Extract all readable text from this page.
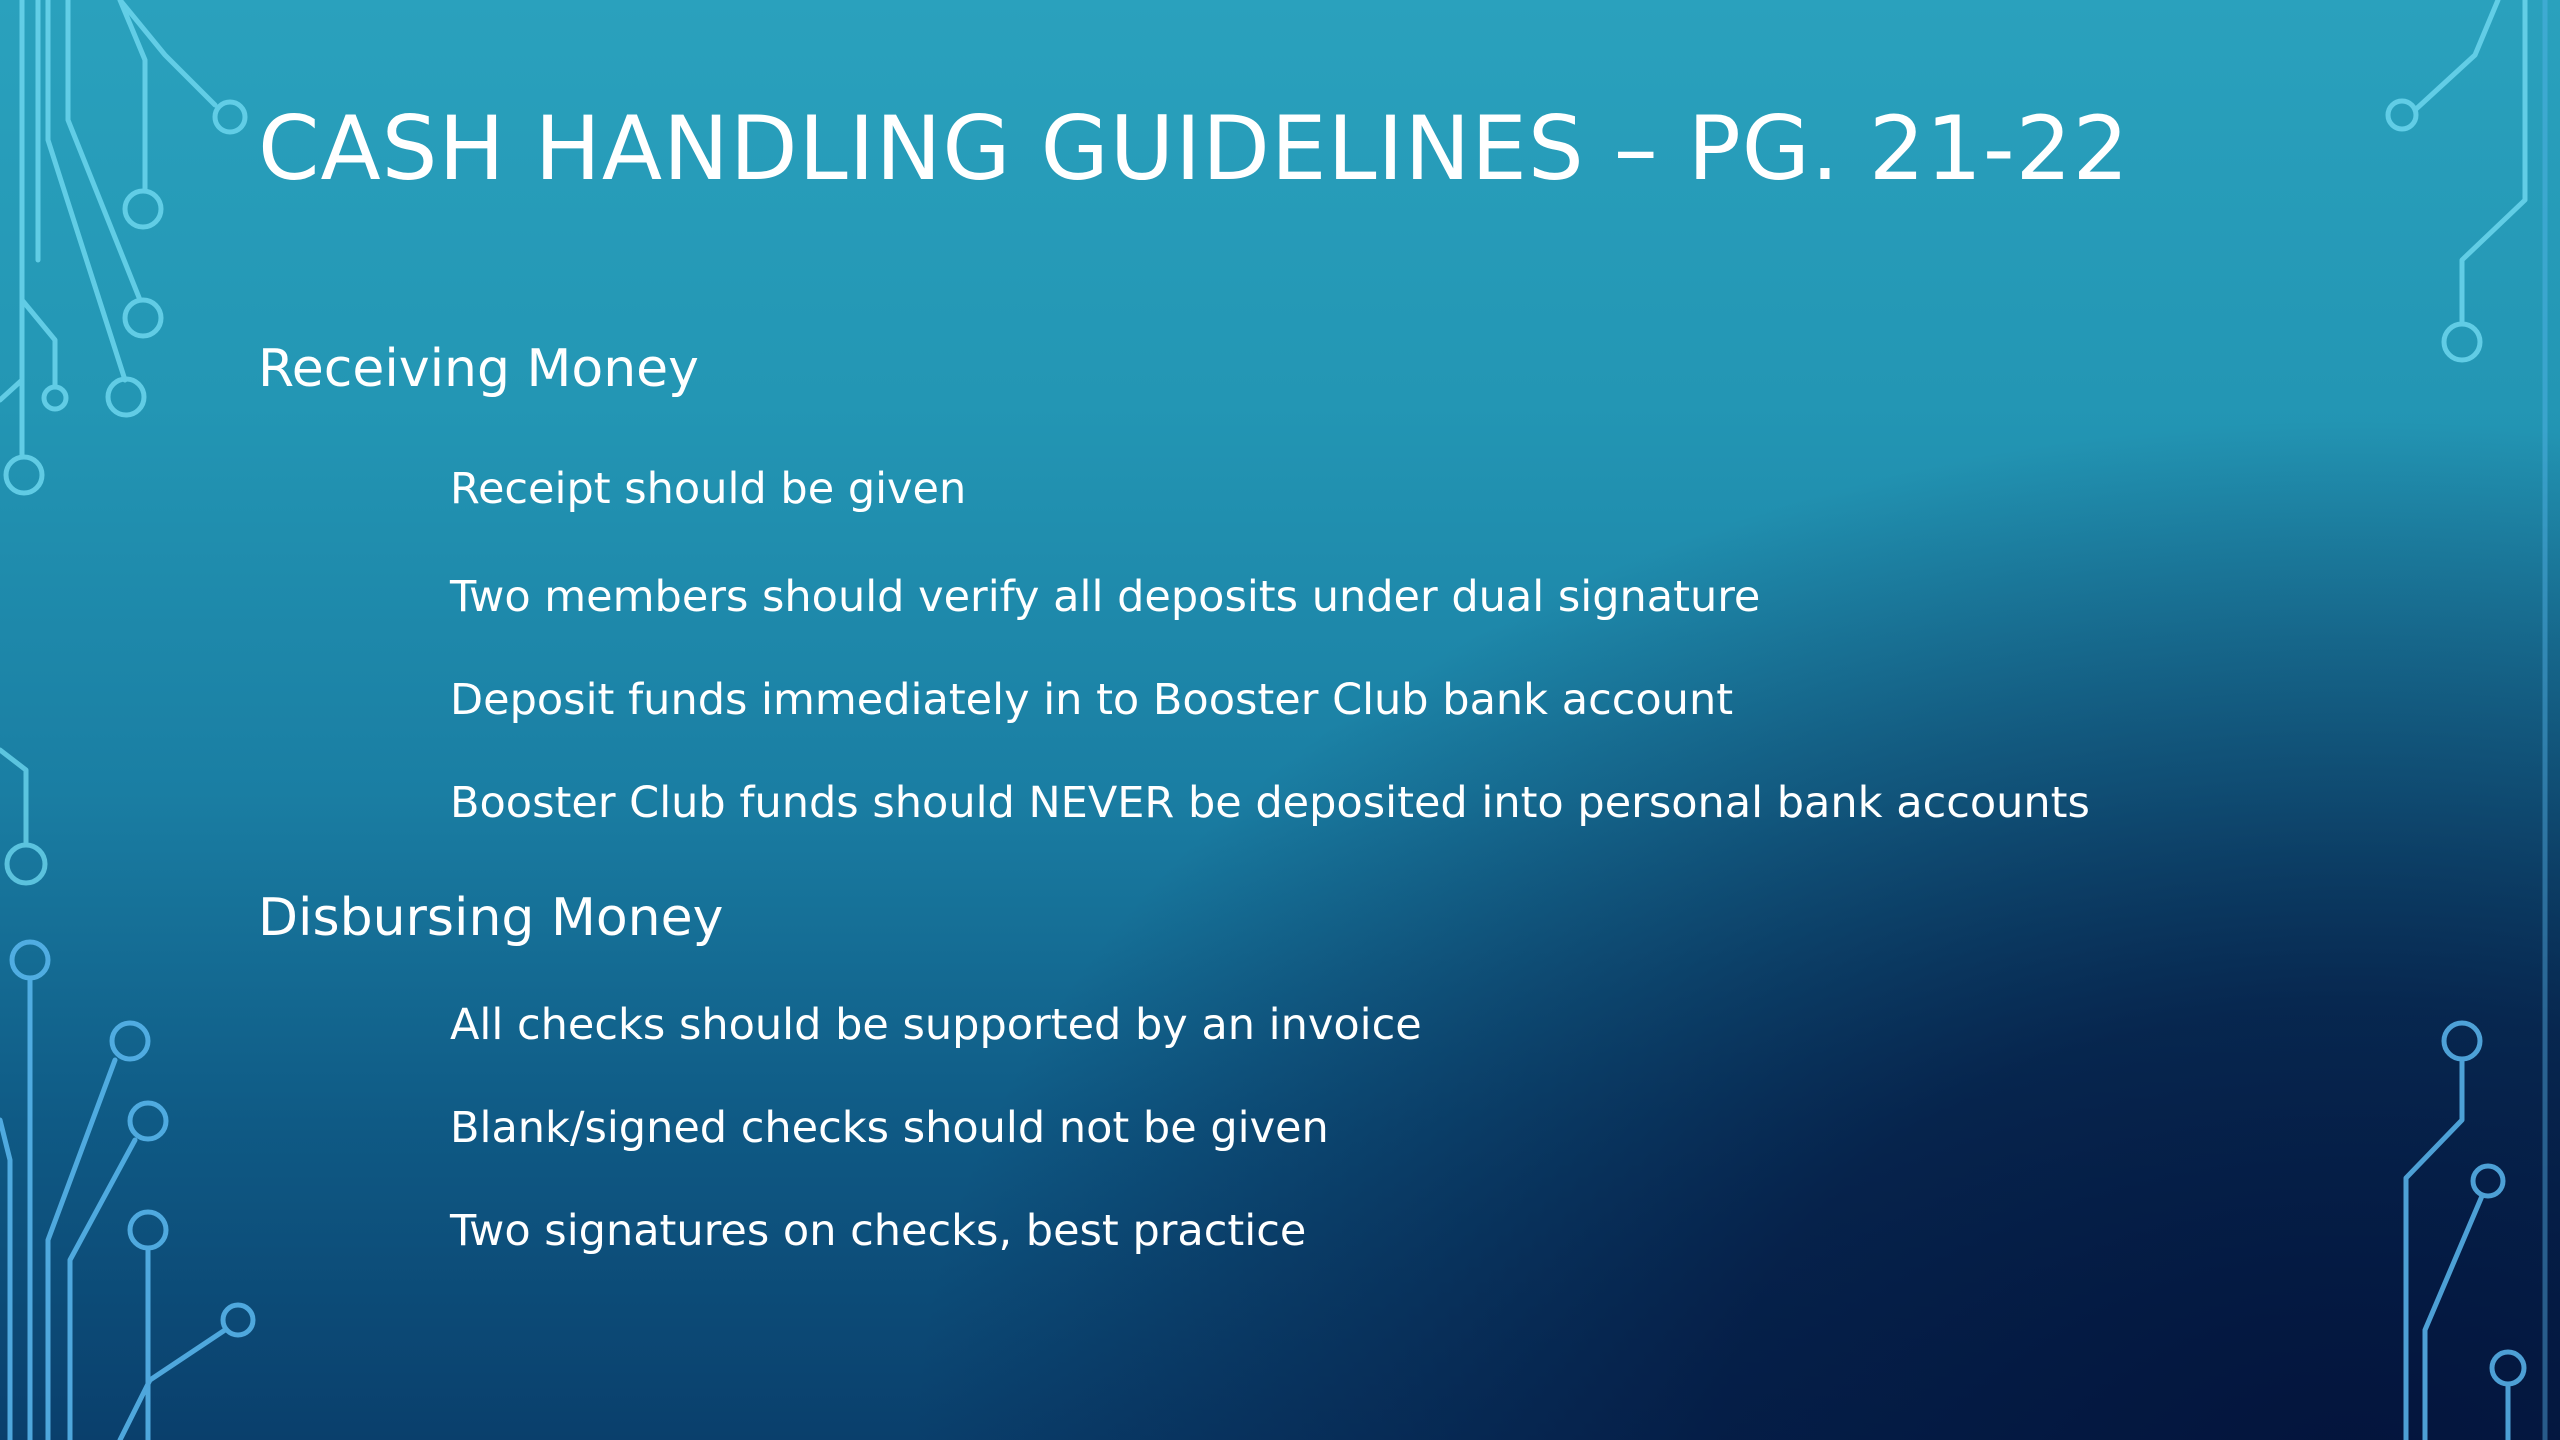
CASH HANDLING GUIDELINES – PG. 21-22
Receiving Money

Receipt should be given

Two members should verify all deposits under dual signature

Deposit funds immediately in to Booster Club bank account

Booster Club funds should NEVER be deposited into personal bank accounts

Disbursing Money

All checks should be supported by an invoice

Blank/signed checks should not be given

Two signatures on checks, best practice
